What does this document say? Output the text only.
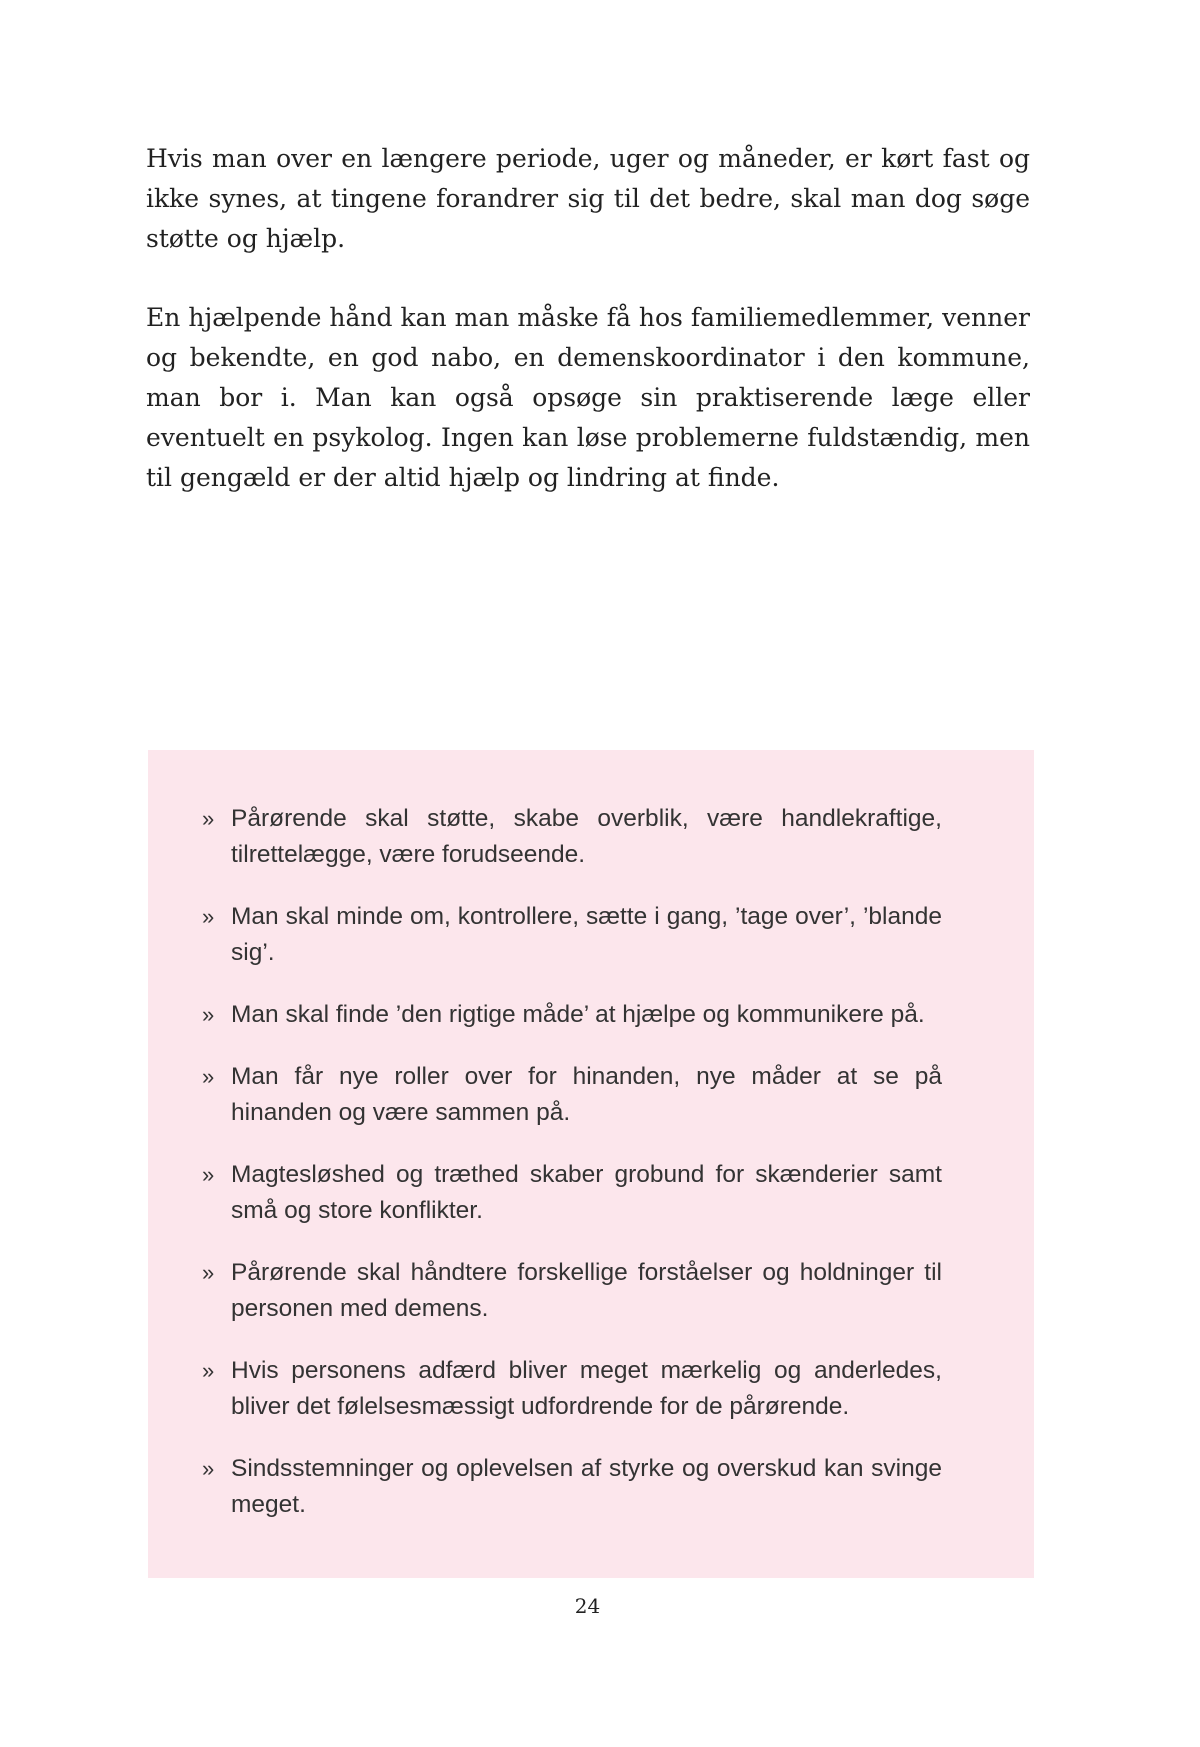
Hvis man over en længere periode, uger og måneder, er kørt fast og ikke synes, at tingene forandrer sig til det bedre, skal man dog søge støtte og hjælp.

En hjælpende hånd kan man måske få hos familiemedlemmer, venner og bekendte, en god nabo, en demenskoordinator i den kommune, man bor i. Man kan også opsøge sin praktiserende læge eller eventuelt en psykolog. Ingen kan løse problemerne fuldstændig, men til gengæld er der altid hjælp og lindring at finde.

» Pårørende skal støtte, skabe overblik, være handlekraftige, tilrettelægge, være forudseende.
» Man skal minde om, kontrollere, sætte i gang, ’tage over’, ’blande sig’.
» Man skal finde ’den rigtige måde’ at hjælpe og kommunikere på.
» Man får nye roller over for hinanden, nye måder at se på hinanden og være sammen på.
» Magtesløshed og træthed skaber grobund for skænderier samt små og store konflikter.
» Pårørende skal håndtere forskellige forståelser og holdninger til personen med demens.
» Hvis personens adfærd bliver meget mærkelig og anderledes, bliver det følelsesmæssigt udfordrende for de pårørende.
» Sindsstemninger og oplevelsen af styrke og overskud kan svinge meget.
24
